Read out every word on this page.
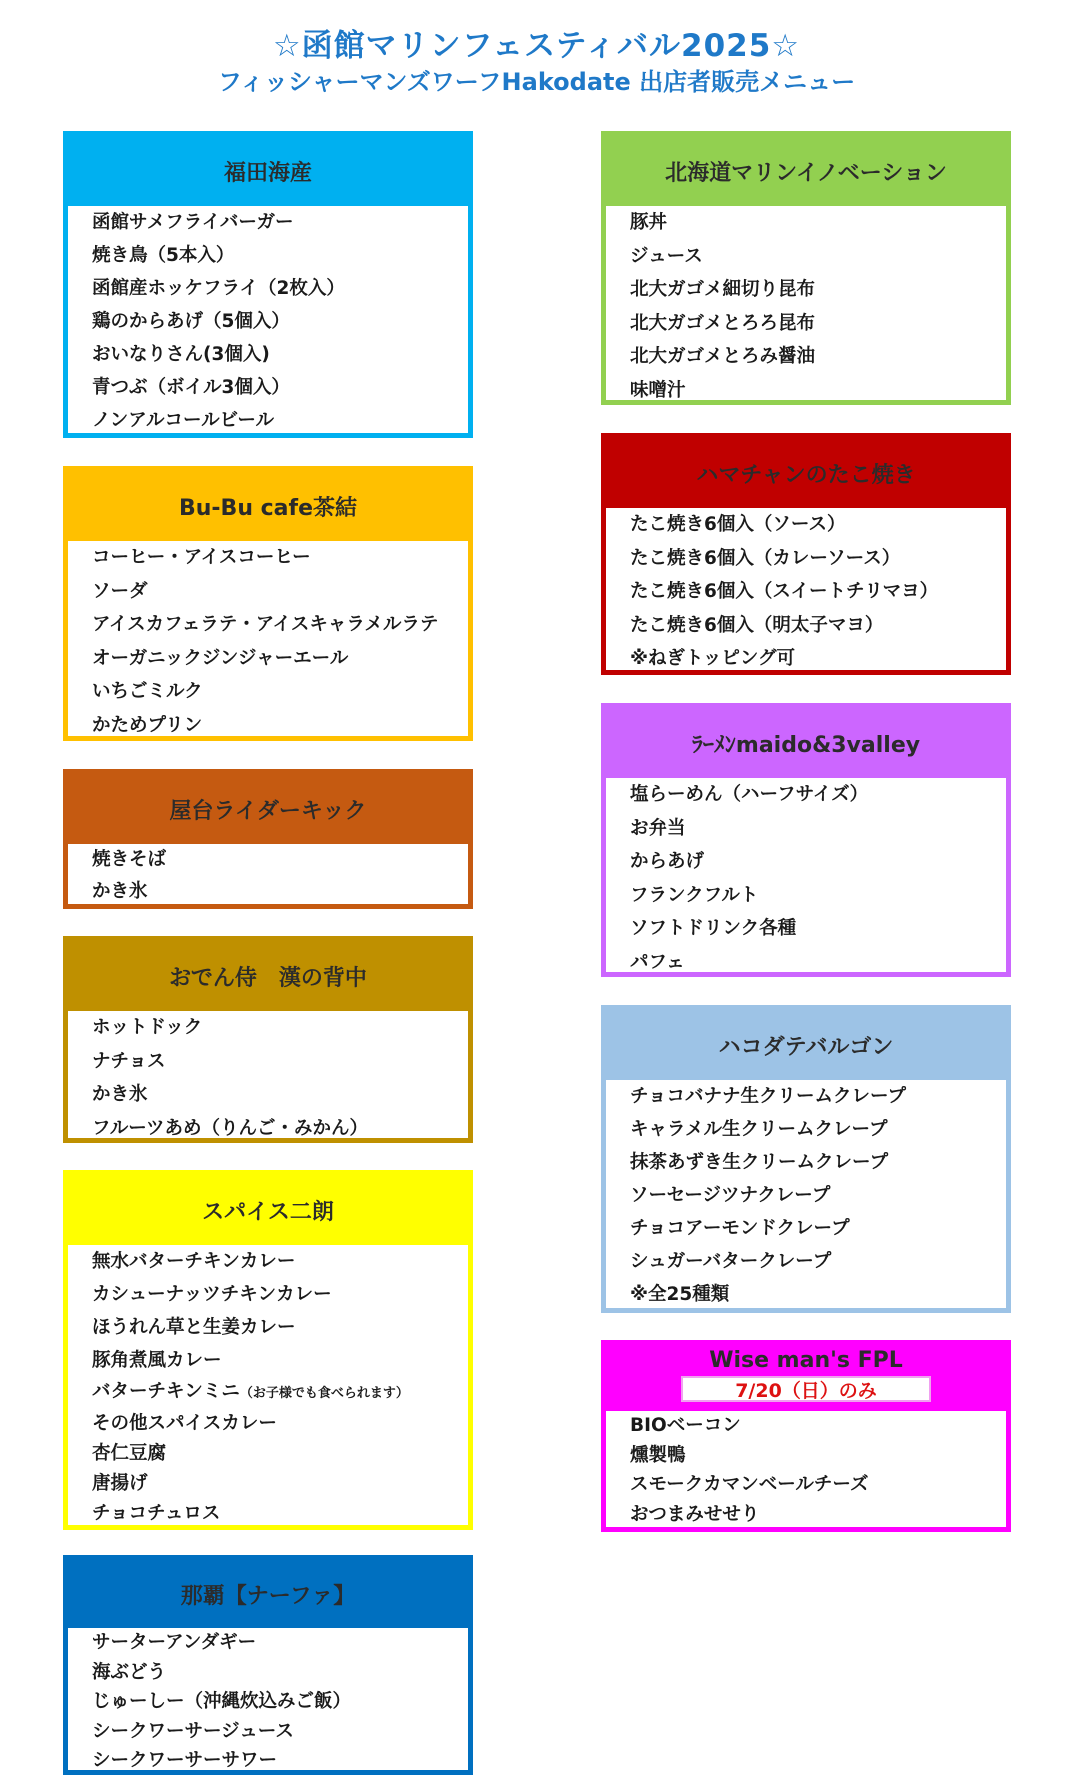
☆函館マリンフェスティバル2025☆
フィッシャーマンズワーフHakodate 出店者販売メニュー
福田海産
函館サメフライバーガー
焼き鳥（5本入）
函館産ホッケフライ（2枚入）
鶏のからあげ（5個入）
おいなりさん(3個入)
青つぶ（ボイル3個入）
ノンアルコールビール
Bu-Bu cafe茶結
コーヒー・アイスコーヒー
ソーダ
アイスカフェラテ・アイスキャラメルラテ
オーガニックジンジャーエール
いちごミルク
かためプリン
屋台ライダーキック
焼きそば
かき氷
おでん侍　漢の背中
ホットドック
ナチョス
かき氷
フルーツあめ（りんご・みかん）
スパイス二朗
無水バターチキンカレー
カシューナッツチキンカレー
ほうれん草と生姜カレー
豚角煮風カレー
バターチキンミニ（お子様でも食べられます）
その他スパイスカレー
杏仁豆腐
唐揚げ
チョコチュロス
那覇【ナーファ】
サーターアンダギー
海ぶどう
じゅーしー（沖縄炊込みご飯）
シークワーサージュース
シークワーサーサワー
北海道マリンイノベーション
豚丼
ジュース
北大ガゴメ細切り昆布
北大ガゴメとろろ昆布
北大ガゴメとろみ醤油
味噌汁
ハマチャンのたこ焼き
たこ焼き6個入（ソース）
たこ焼き6個入（カレーソース）
たこ焼き6個入（スイートチリマヨ）
たこ焼き6個入（明太子マヨ）
※ねぎトッピング可
ﾗｰﾒﾝmaido&3valley
塩らーめん（ハーフサイズ）
お弁当
からあげ
フランクフルト
ソフトドリンク各種
パフェ
ハコダテバルゴン
チョコバナナ生クリームクレープ
キャラメル生クリームクレープ
抹茶あずき生クリームクレープ
ソーセージツナクレープ
チョコアーモンドクレープ
シュガーバタークレープ
※全25種類
Wise man's FPL
7/20（日）のみ
BIOベーコン
燻製鴨
スモークカマンベールチーズ
おつまみせせり
